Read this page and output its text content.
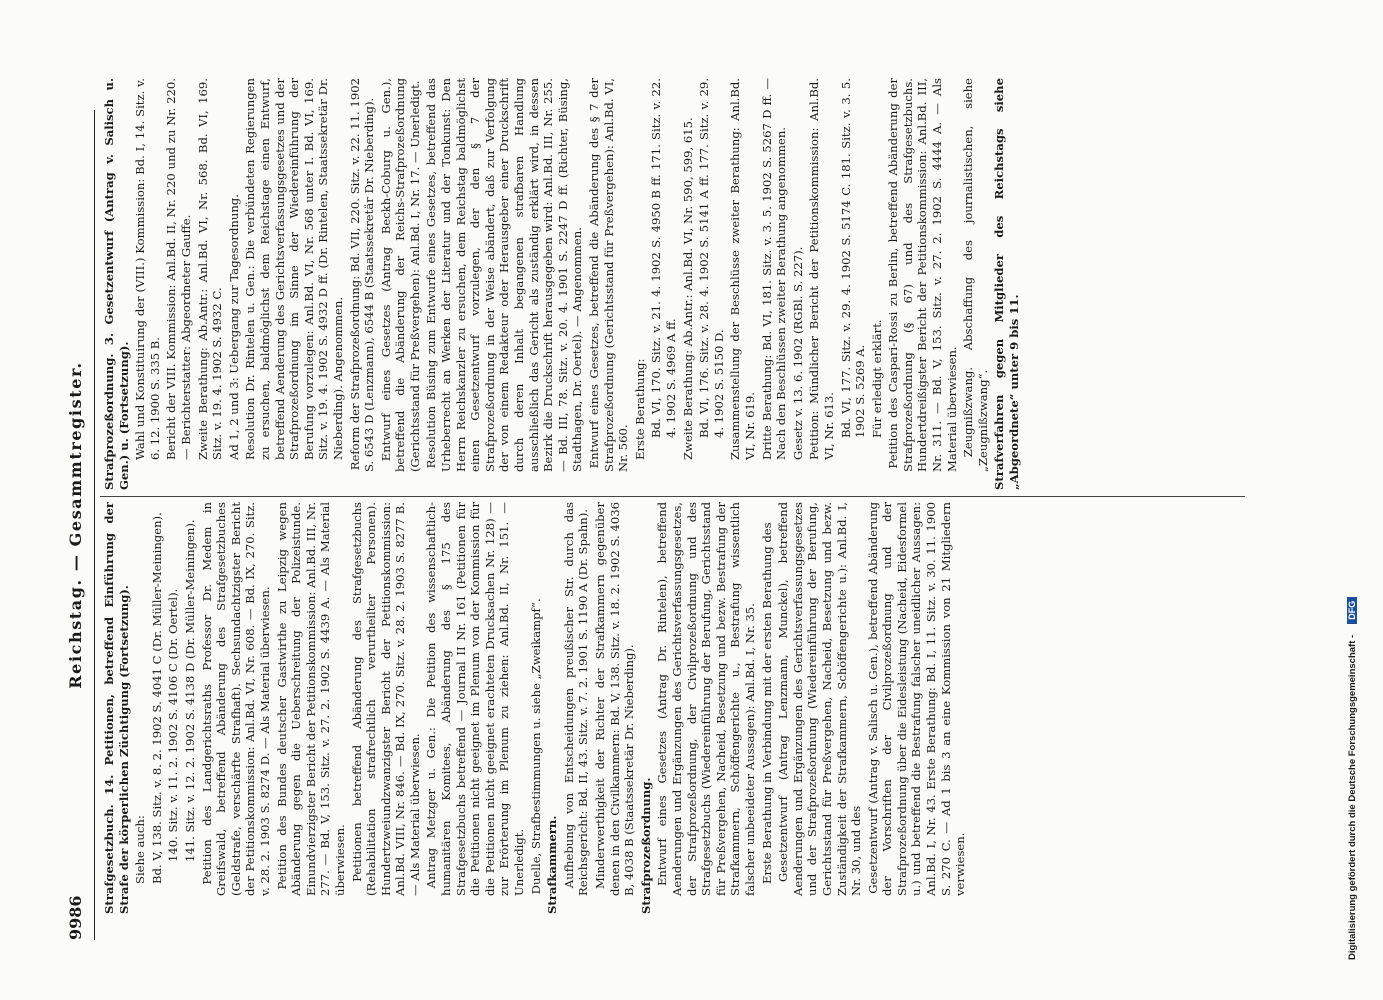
9986
Reichstag. — Gesammtregister. Strafgesetzbuch. 14. Petitionen, betreffend Einführung der Strafe der körperlichen Züchtigung (Fortsetzung). Siehe auch: Bd. V, 138. Sitz. v. 8. 2. 1902 S. 4041 C (Dr. Müller-Meiningen). 140. Sitz. v. 11. 2. 1902 S. 4106 C (Dr. Oertel). 141. Sitz. v. 12. 2. 1902 S. 4138 D (Dr. Müller-Meiningen). Petition des Landgerichtsraths Professor Dr. Medem in Greifswald, betreffend Abänderung des Strafgesetzbuches (Geldstrafe, verschärfte Strafhaft). Sechsundachtzigster Bericht der Petitionskommission: Anl.Bd. VI, Nr. 608. — Bd. IX, 270. Sitz. v. 28. 2. 1903 S. 8274 D. — Als Material überwiesen. Petition des Bundes deutscher Gastwirthe zu Leipzig wegen Abänderung gegen die Ueberschreitung der Polizeistunde. Einundvierzigster Bericht der Petitionskommission: Anl.Bd. III, Nr. 277. — Bd. V, 153. Sitz. v. 27. 2. 1902 S. 4439 A. — Als Material überwiesen. Petitionen betreffend Abänderung des Strafgesetzbuchs (Rehabilitation strafrechtlich verurtheilter Personen). Hundertzweiundzwanzigster Bericht der Petitionskommission: Anl.Bd. VIII, Nr. 846. — Bd. IX, 270. Sitz. v. 28. 2. 1903 S. 8277 B. — Als Material überwiesen. Antrag Metzger u. Gen.: Die Petition des wissenschaftlich-humanitären Komitees, Abänderung des § 175 des Strafgesetzbuchs betreffend — Journal II Nr. 161 (Petitionen für die Petitionen nicht geeignet im Plenum von der Kommission für die Petitionen nicht geeignet erachteten Drucksachen Nr. 128) — zur Erörterung im Plenum zu ziehen: Anl.Bd. II, Nr. 151. — Unerledigt. Duelle, Strafbestimmungen u. siehe „Zweikampf“. Strafkammern. Aufhebung von Entscheidungen preußischer Str. durch das Reichsgericht: Bd. II, 43. Sitz. v. 7. 2. 1901 S. 1190 A (Dr. Spahn). Minderwerthigkeit der Richter der Strafkammern gegenüber denen in den Civilkammern: Bd. V, 138. Sitz. v. 18. 2. 1902 S. 4036 B, 4038 B (Staatssekretär Dr. Nieberding). Strafprozeßordnung. Entwurf eines Gesetzes (Antrag Dr. Rintelen), betreffend Aenderungen und Ergänzungen des Gerichtsverfassungsgesetzes, der Strafprozeßordnung, der Civilprozeßordnung und des Strafgesetzbuchs (Wiedereinführung der Berufung, Gerichtsstand für Preßvergehen, Nacheid, Besetzung und bezw. Bestrafung der Strafkammern, Schöffengerichte u., Bestrafung wissentlich falscher unbeeideter Aussagen): Anl.Bd. I, Nr. 35. Erste Berathung in Verbindung mit der ersten Berathung des Gesetzentwurf (Antrag Lenzmann, Munckel), betreffend Aenderungen und Ergänzungen des Gerichtsverfassungsgesetzes und der Strafprozeßordnung (Wiedereinführung der Berufung, Gerichtsstand für Preßvergehen, Nacheid, Besetzung und bezw. Zuständigkeit der Strafkammern, Schöffengerichte u.): Anl.Bd. I, Nr. 30, und des Gesetzentwurf (Antrag v. Salisch u. Gen.), betreffend Abänderung der Vorschriften der Civilprozeßordnung und der Strafprozeßordnung über die Eidesleistung (Nacheid, Eidesformel u.) und betreffend die Bestrafung falscher uneidlicher Aussagen: Anl.Bd. I, Nr. 43. Erste Berathung: Bd. I, 11. Sitz. v. 30. 11. 1900 S. 270 C. — Ad 1 bis 3 an eine Kommission von 21 Mitgliedern verwiesen.
Strafprozeßordnung. 3. Gesetzentwurf (Antrag v. Salisch u. Gen.) u. (Fortsetzung). Wahl und Konstituirung der (VIII.) Kommission: Bd. I, 14. Sitz. v. 6. 12. 1900 S. 335 B. Bericht der VIII. Kommission: Anl.Bd. II, Nr. 220 und zu Nr. 220. — Berichterstatter: Abgeordneter Gauffe. Zweite Berathung: Ab.Antr.: Anl.Bd. VI, Nr. 568. Bd. VI, 169. Sitz. v. 19. 4. 1902 S. 4932 C. Ad 1, 2 und 3: Uebergang zur Tagesordnung. Resolution Dr. Rintelen u. Gen.: Die verbündeten Regierungen zu ersuchen, baldmöglichst dem Reichstage einen Entwurf, betreffend Aenderung des Gerichtsverfassungsgesetzes und der Strafprozeßordnung im Sinne der Wiedereinführung der Berufung vorzulegen: Anl.Bd. VI, Nr. 568 unter I. Bd. VI, 169. Sitz. v. 19. 4. 1902 S. 4932 D ff. (Dr. Rintelen, Staatssekretär Dr. Nieberding). Angenommen. Reform der Strafprozeßordnung: Bd. VII, 220. Sitz. v. 22. 11. 1902 S. 6543 D (Lenzmann), 6544 B (Staatssekretär Dr. Nieberding). Entwurf eines Gesetzes (Antrag Beckh-Coburg u. Gen.), betreffend die Abänderung der Reichs-Strafprozeßordnung (Gerichtsstand für Preßvergehen): Anl.Bd. I, Nr. 17. — Unerledigt. Resolution Büsing zum Entwurfe eines Gesetzes, betreffend das Urheberrecht an Werken der Literatur und der Tonkunst: Den Herrn Reichskanzler zu ersuchen, dem Reichstag baldmöglichst einen Gesetzentwurf vorzulegen, der den § 7 der Strafprozeßordnung in der Weise abändert, daß zur Verfolgung der von einem Redakteur oder Herausgeber einer Druckschrift durch deren Inhalt begangenen strafbaren Handlung ausschließlich das Gericht als zuständig erklärt wird, in dessen Bezirk die Druckschrift herausgegeben wird: Anl.Bd. III, Nr. 255. — Bd. III, 78. Sitz. v. 20. 4. 1901 S. 2247 D ff. (Richter, Büsing, Stadthagen, Dr. Oertel). — Angenommen. Entwurf eines Gesetzes, betreffend die Abänderung des § 7 der Strafprozeßordnung (Gerichtsstand für Preßvergehen): Anl.Bd. VI, Nr. 560. Erste Berathung: Bd. VI, 170. Sitz. v. 21. 4. 1902 S. 4950 B ff. 171. Sitz. v. 22. 4. 1902 S. 4969 A ff. Zweite Berathung: Ab.Antr.: Anl.Bd. VI, Nr. 590, 599, 615. Bd. VI, 176. Sitz. v. 28. 4. 1902 S. 5141 A ff. 177. Sitz. v. 29. 4. 1902 S. 5150 D. Zusammenstellung der Beschlüsse zweiter Berathung: Anl.Bd. VI, Nr. 619. Dritte Berathung: Bd. VI, 181. Sitz. v. 3. 5. 1902 S. 5267 D ff. — Nach den Beschlüssen zweiter Berathung angenommen. Gesetz v. 13. 6. 1902 (RGBl. S. 227). Petition: Mündlicher Bericht der Petitionskommission: Anl.Bd. VI, Nr. 613. Bd. VI, 177. Sitz. v. 29. 4. 1902 S. 5174 C. 181. Sitz. v. 3. 5. 1902 S. 5269 A. Für erledigt erklärt. Petition des Caspari-Rossi zu Berlin, betreffend Abänderung der Strafprozeßordnung (§ 67) und des Strafgesetzbuchs. Hundertdreißigster Bericht der Petitionskommission: Anl.Bd. III, Nr. 311. — Bd. V, 153. Sitz. v. 27. 2. 1902 S. 4444 A. — Als Material überwiesen. Zeugnißzwang. Abschaffung des journalistischen, siehe „Zeugnißzwang“. Strafverfahren gegen Mitglieder des Reichstags siehe „Abgeordnete“ unter 9 bis 11.
Digitalisierung gefördert durch die Deutsche Forschungsgemeinschaft - DFG
